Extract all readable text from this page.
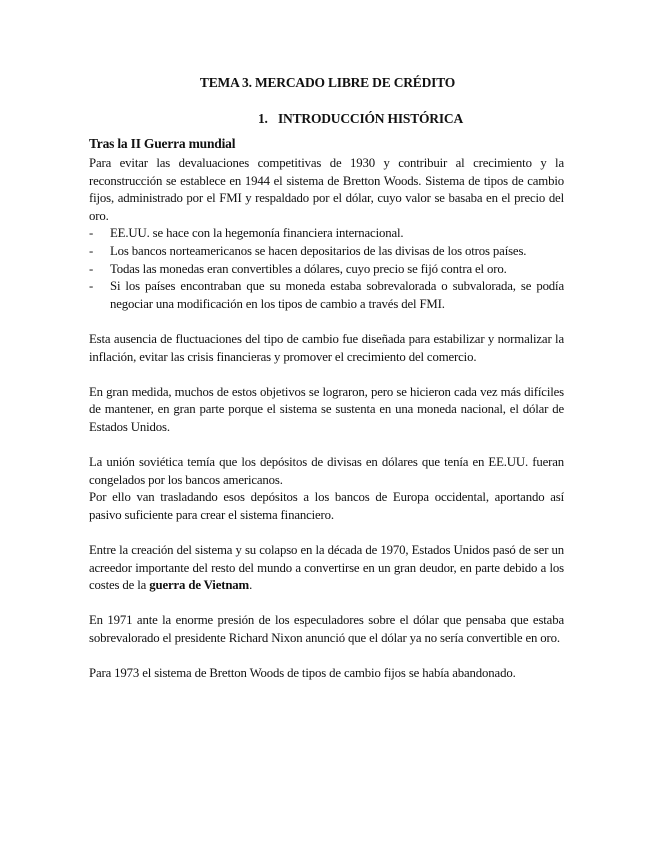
TEMA 3. MERCADO LIBRE DE CRÉDITO
1. INTRODUCCIÓN HISTÓRICA
Tras la II Guerra mundial

Para evitar las devaluaciones competitivas de 1930 y contribuir al crecimiento y la reconstrucción se establece en 1944 el sistema de Bretton Woods. Sistema de tipos de cambio fijos, administrado por el FMI y respaldado por el dólar, cuyo valor se basaba en el precio del oro.

- EE.UU. se hace con la hegemonía financiera internacional.
- Los bancos norteamericanos se hacen depositarios de las divisas de los otros países.
- Todas las monedas eran convertibles a dólares, cuyo precio se fijó contra el oro.
- Si los países encontraban que su moneda estaba sobrevalorada o subvalorada, se podía negociar una modificación en los tipos de cambio a través del FMI.

Esta ausencia de fluctuaciones del tipo de cambio fue diseñada para estabilizar y normalizar la inflación, evitar las crisis financieras y promover el crecimiento del comercio.

En gran medida, muchos de estos objetivos se lograron, pero se hicieron cada vez más difíciles de mantener, en gran parte porque el sistema se sustenta en una moneda nacional, el dólar de Estados Unidos.

La unión soviética temía que los depósitos de divisas en dólares que tenía en EE.UU. fueran congelados por los bancos americanos.

Por ello van trasladando esos depósitos a los bancos de Europa occidental, aportando así pasivo suficiente para crear el sistema financiero.

Entre la creación del sistema y su colapso en la década de 1970, Estados Unidos pasó de ser un acreedor importante del resto del mundo a convertirse en un gran deudor, en parte debido a los costes de la guerra de Vietnam.

En 1971 ante la enorme presión de los especuladores sobre el dólar que pensaba que estaba sobrevalorado el presidente Richard Nixon anunció que el dólar ya no sería convertible en oro.

Para 1973 el sistema de Bretton Woods de tipos de cambio fijos se había abandonado.
